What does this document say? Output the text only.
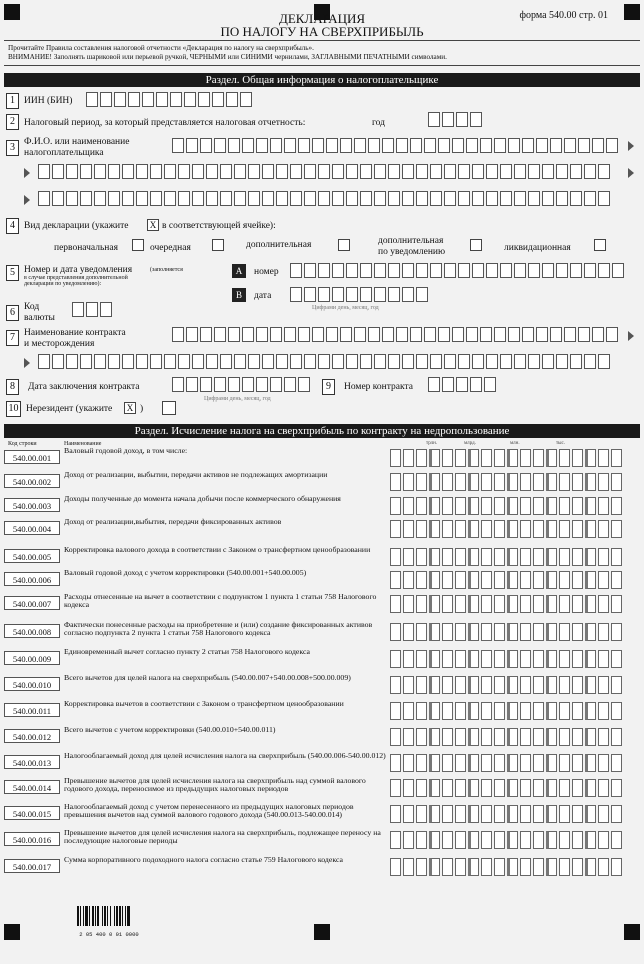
ДЕКЛАРАЦИЯ
ПО НАЛОГУ НА СВЕРХПРИБЫЛЬ
форма 540.00 стр. 01
Прочитайте Правила составления налоговой отчетности «Декларация по налогу на сверхприбыль».
ВНИМАНИЕ! Заполнять шариковой или перьевой ручкой, ЧЕРНЫМИ или СИНИМИ чернилами, ЗАГЛАВНЫМИ ПЕЧАТНЫМИ символами.
Раздел. Общая информация о налогоплательщике
1 ИИН (БИН)
2 Налоговый период, за который представляется налоговая отчетность:	год
3 Ф.И.О. или наименование
налогоплательщика
4 Вид декларации (укажите	X в соответствующей ячейке):
первоначальная	очередная	дополнительная	дополнительная
по уведомлению	ликвидационная
5 Номер и дата уведомления	(заполняется
в случае представления дополнительной
декларации по уведомлению):
A	номер
B	дата
Цифрами день, месяц, год
6 Код
валюты
7 Наименование контракта
и месторождения
8	Дата заключения контракта
Цифрами день, месяц, год
9	Номер контракта
10 Нерезидент (укажите	X )
Раздел. Исчисление налога на сверхприбыль по контракту на недропользование
Код строки	Наименование	трлн.	млрд.	млн.	тыс.
540.00.001
Валовый годовой доход, в том числе:
540.00.002
Доход от реализации, выбытии, передачи активов не подлежащих амортизации
540.00.003
Доходы полученные до момента начала добычи после коммерческого обнаружения
540.00.004
Доход от реализации,выбытия, передачи фиксированных активов
540.00.005
Корректировка валового дохода в соответствии с Законом о трансфертном ценообразовании
540.00.006
Валовый годовой доход с учетом корректировки (540.00.001+540.00.005)
540.00.007
Расходы отнесенные на вычет в соответствии с подпунктом 1 пункта 1 статьи 758 Налогового кодекса
540.00.008
Фактически понесенные расходы на приобретение и (или) создание фиксированных активов согласно подпункта 2 пункта 1 статьи 758 Налогового кодекса
540.00.009
Единовременный вычет согласно пункту 2 статьи 758 Налогового кодекса
540.00.010
Всего вычетов для целей налога на сверхприбыль (540.00.007+540.00.008+500.00.009)
540.00.011
Корректировка вычетов в соответствии с Законом о трансфертном ценообразовании
540.00.012
Всего вычетов с учетом корректировки (540.00.010+540.00.011)
540.00.013
Налогооблагаемый доход для целей исчисления налога на сверхприбыль (540.00.006-540.00.012)
540.00.014
Превышение вычетов для целей исчисления налога на сверхприбыль над суммой валового годового дохода, переносимое из предыдущих налоговых периодов
540.00.015
Налогооблагаемый доход с учетом перенесенного из предыдущих налоговых периодов превышения вычетов над суммой валового годового дохода (540.00.013-540.00.014)
540.00.016
Превышение вычетов для целей исчисления налога на сверхприбыль, подлежащее переносу на последующие налоговые периоды
540.00.017
Сумма корпоративного подоходного налога согласно статье 759 Налогового кодекса
2 05 400 0 01 0000
